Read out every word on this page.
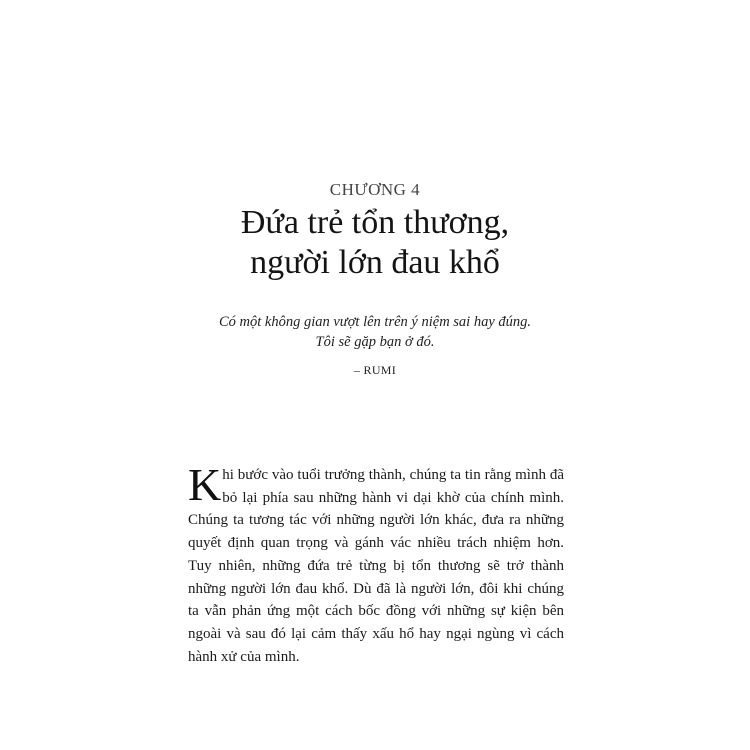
CHƯƠNG 4
Đứa trẻ tổn thương,
người lớn đau khổ
Có một không gian vượt lên trên ý niệm sai hay đúng.
Tôi sẽ gặp bạn ở đó.
– RUMI

Khi bước vào tuổi trưởng thành, chúng ta tin rằng mình đã bỏ lại phía sau những hành vi dại khờ của chính mình. Chúng ta tương tác với những người lớn khác, đưa ra những quyết định quan trọng và gánh vác nhiều trách nhiệm hơn. Tuy nhiên, những đứa trẻ từng bị tổn thương sẽ trở thành những người lớn đau khổ. Dù đã là người lớn, đôi khi chúng ta vẫn phản ứng một cách bốc đồng với những sự kiện bên ngoài và sau đó lại cảm thấy xấu hổ hay ngại ngùng vì cách hành xử của mình.
